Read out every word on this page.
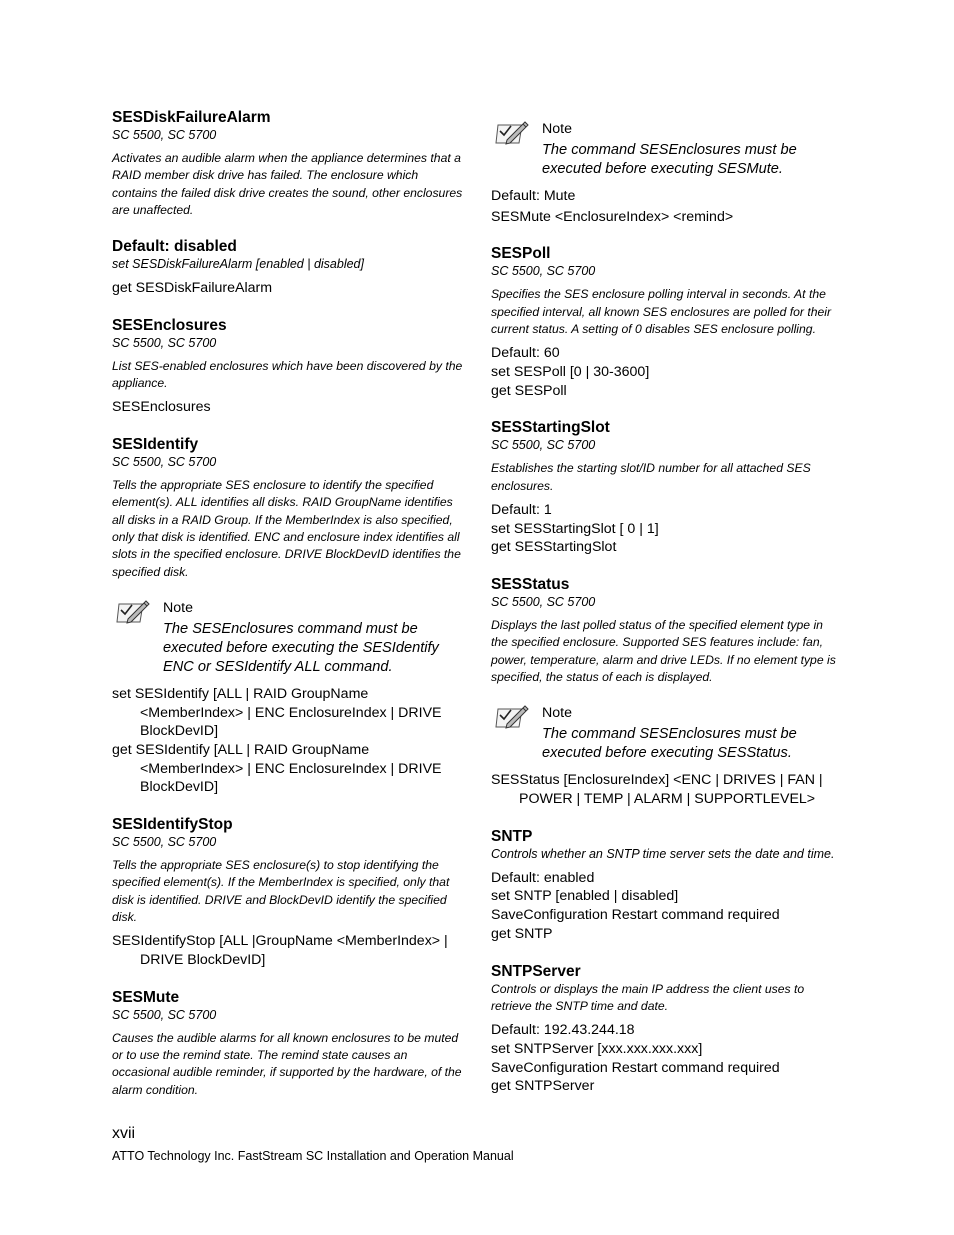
SESDiskFailureAlarm

SC 5500, SC 5700

Activates an audible alarm when the appliance determines that a RAID member disk drive has failed. The enclosure which contains the failed disk drive creates the sound, other enclosures are unaffected.

Default: disabled

set SESDiskFailureAlarm [enabled | disabled]

get SESDiskFailureAlarm

SESEnclosures

SC 5500, SC 5700

List SES-enabled enclosures which have been discovered by the appliance.

SESEnclosures

SESIdentify

SC 5500, SC 5700

Tells the appropriate SES enclosure to identify the specified element(s). ALL identifies all disks. RAID GroupName identifies all disks in a RAID Group. If the MemberIndex is also specified, only that disk is identified. ENC and enclosure index identifies all slots in the specified enclosure. DRIVE BlockDevID identifies the specified disk.

Note
The SESEnclosures command must be executed before executing the SESIdentify ENC or SESIdentify ALL command.
set SESIdentify [ALL | RAID GroupName <MemberIndex> | ENC EnclosureIndex | DRIVE BlockDevID]
get SESIdentify [ALL | RAID GroupName <MemberIndex> | ENC EnclosureIndex | DRIVE BlockDevID]

SESIdentifyStop

SC 5500, SC 5700

Tells the appropriate SES enclosure(s) to stop identifying the specified element(s). If the MemberIndex is specified, only that disk is identified. DRIVE and BlockDevID identify the specified disk.

SESIdentifyStop [ALL |GroupName <MemberIndex> | DRIVE BlockDevID]

SESMute

SC 5500, SC 5700

Causes the audible alarms for all known enclosures to be muted or to use the remind state. The remind state causes an occasional audible reminder, if supported by the hardware, of the alarm condition.

Note
The command SESEnclosures must be executed before executing SESMute.
Default: Mute
SESMute <EnclosureIndex> <remind>

SESPoll

SC 5500, SC 5700

Specifies the SES enclosure polling interval in seconds. At the specified interval, all known SES enclosures are polled for their current status. A setting of 0 disables SES enclosure polling.

Default: 60
set SESPoll [0 | 30-3600]
get SESPoll

SESStartingSlot

SC 5500, SC 5700

Establishes the starting slot/ID number for all attached SES enclosures.

Default: 1
set SESStartingSlot [ 0 | 1]
get SESStartingSlot

SESStatus

SC 5500, SC 5700

Displays the last polled status of the specified element type in the specified enclosure. Supported SES features include: fan, power, temperature, alarm and drive LEDs. If no element type is specified, the status of each is displayed.

Note
The command SESEnclosures must be executed before executing SESStatus.
SESStatus [EnclosureIndex] <ENC | DRIVES | FAN | POWER | TEMP | ALARM | SUPPORTLEVEL>

SNTP

Controls whether an SNTP time server sets the date and time.

Default: enabled
set SNTP [enabled | disabled]
SaveConfiguration Restart command required
get SNTP

SNTPServer

Controls or displays the main IP address the client uses to retrieve the SNTP time and date.

Default: 192.43.244.18
set SNTPServer [xxx.xxx.xxx.xxx]
SaveConfiguration Restart command required
get SNTPServer
xvii
ATTO Technology Inc. FastStream SC Installation and Operation Manual
